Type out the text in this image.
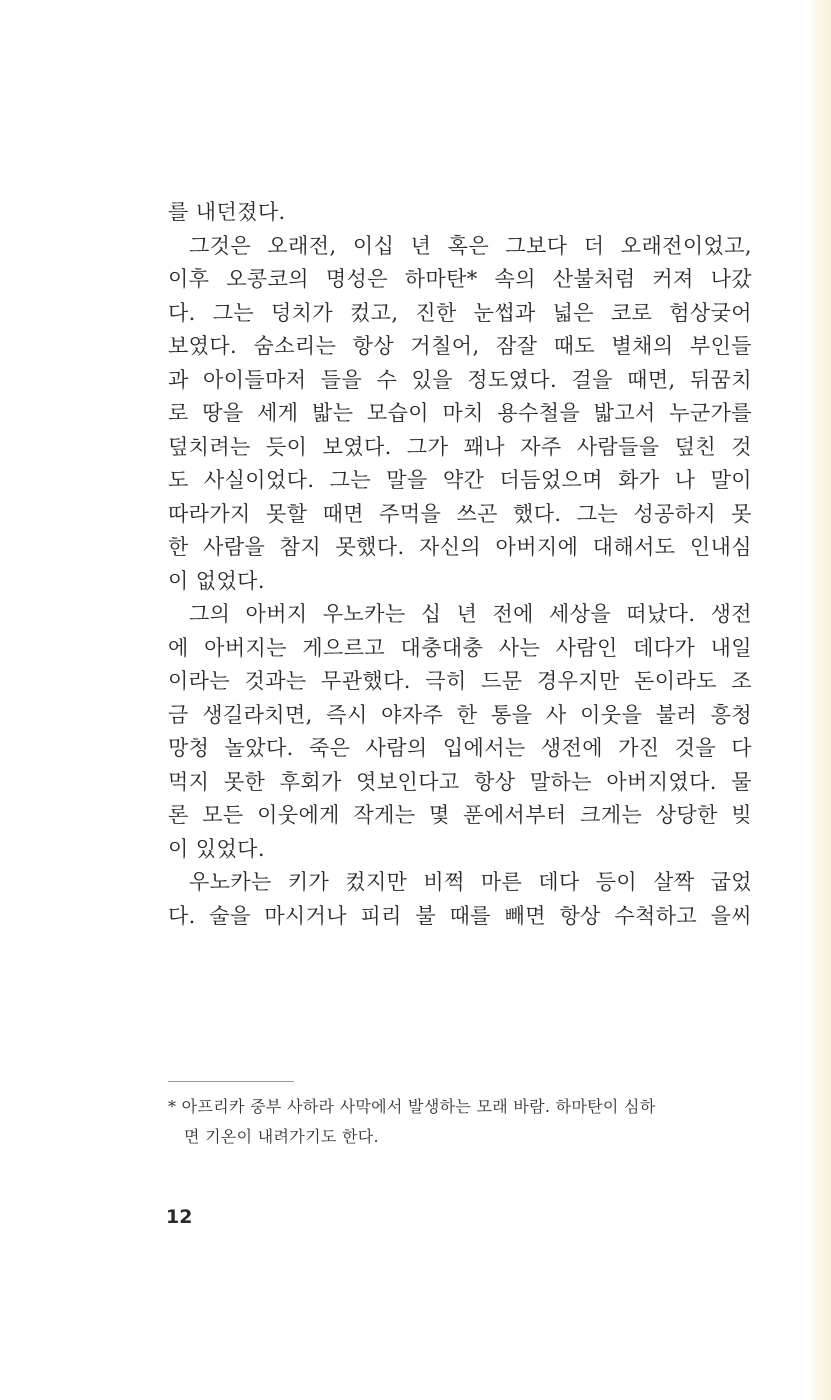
를 내던졌다.
그것은 오래전, 이십 년 혹은 그보다 더 오래전이었고,
이후 오콩코의 명성은 하마탄* 속의 산불처럼 커져 나갔
다. 그는 덩치가 컸고, 진한 눈썹과 넓은 코로 험상궂어
보였다. 숨소리는 항상 거칠어, 잠잘 때도 별채의 부인들
과 아이들마저 들을 수 있을 정도였다. 걸을 때면, 뒤꿈치
로 땅을 세게 밟는 모습이 마치 용수철을 밟고서 누군가를
덮치려는 듯이 보였다. 그가 꽤나 자주 사람들을 덮친 것
도 사실이었다. 그는 말을 약간 더듬었으며 화가 나 말이
따라가지 못할 때면 주먹을 쓰곤 했다. 그는 성공하지 못
한 사람을 참지 못했다. 자신의 아버지에 대해서도 인내심
이 없었다.
그의 아버지 우노카는 십 년 전에 세상을 떠났다. 생전
에 아버지는 게으르고 대충대충 사는 사람인 데다가 내일
이라는 것과는 무관했다. 극히 드문 경우지만 돈이라도 조
금 생길라치면, 즉시 야자주 한 통을 사 이웃을 불러 흥청
망청 놀았다. 죽은 사람의 입에서는 생전에 가진 것을 다
먹지 못한 후회가 엿보인다고 항상 말하는 아버지였다. 물
론 모든 이웃에게 작게는 몇 푼에서부터 크게는 상당한 빚
이 있었다.
우노카는 키가 컸지만 비쩍 마른 데다 등이 살짝 굽었
다. 술을 마시거나 피리 불 때를 빼면 항상 수척하고 을씨
* 아프리카 중부 사하라 사막에서 발생하는 모래 바람. 하마탄이 심하
면 기온이 내려가기도 한다.
12
